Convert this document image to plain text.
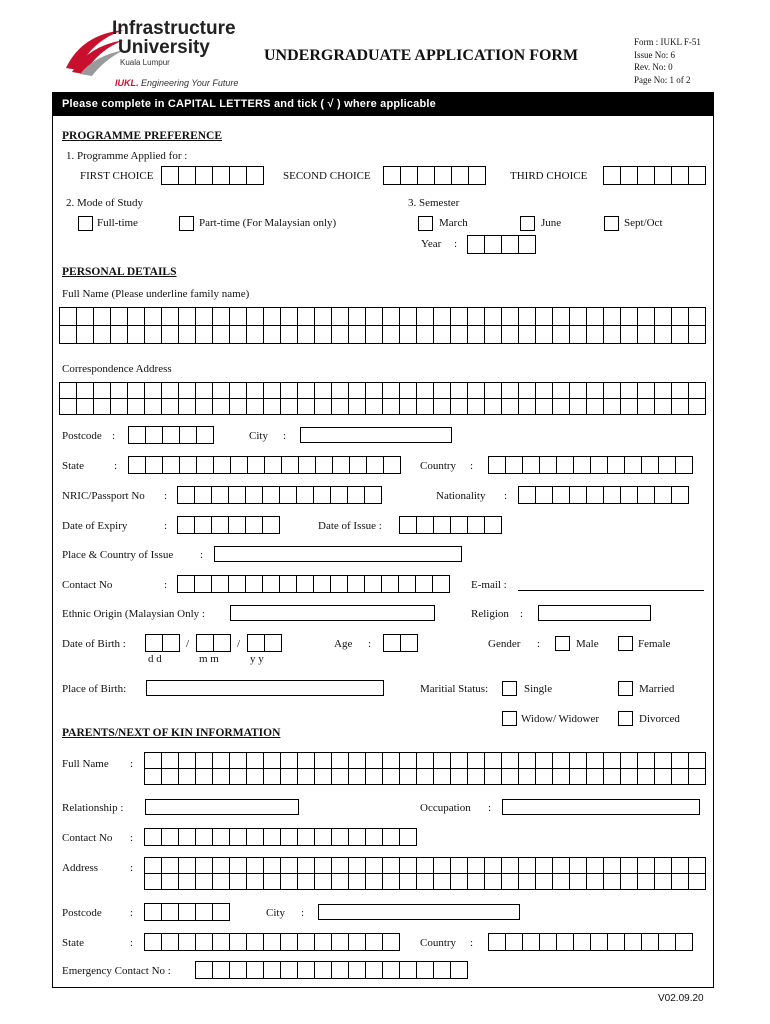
Infrastructure
University
Kuala Lumpur
IUKL. Engineering Your Future
UNDERGRADUATE APPLICATION FORM
Form : IUKL F-51
Issue No: 6
Rev. No: 0
Page No: 1 of 2
Please complete in CAPITAL LETTERS and tick ( √ ) where applicable
PROGRAMME PREFERENCE
1. Programme Applied for :
FIRST CHOICE	SECOND CHOICE	THIRD CHOICE
2. Mode of Study
Full-time	Part-time (For Malaysian only)
3. Semester
March	June	Sept/Oct
Year :
PERSONAL DETAILS
Full Name (Please underline family name)
Correspondence Address
Postcode :	City :
State	:	Country :
NRIC/Passport No :	Nationality :
Date of Expiry	:	Date of Issue :
Place & Country of Issue :
Contact No	:	E-mail :
Ethnic Origin (Malaysian Only :	Religion :
Date of Birth :	/	/
d d	m m	y y
Age :	Gender :	Male	Female
Place of Birth:	Maritial Status:	Single	Married
Widow/ Widower	Divorced
PARENTS/NEXT OF KIN INFORMATION
Full Name :
Relationship :	Occupation :
Contact No :
Address	:
Postcode	:	City :
State	:	Country :
Emergency Contact No :
V02.09.20
